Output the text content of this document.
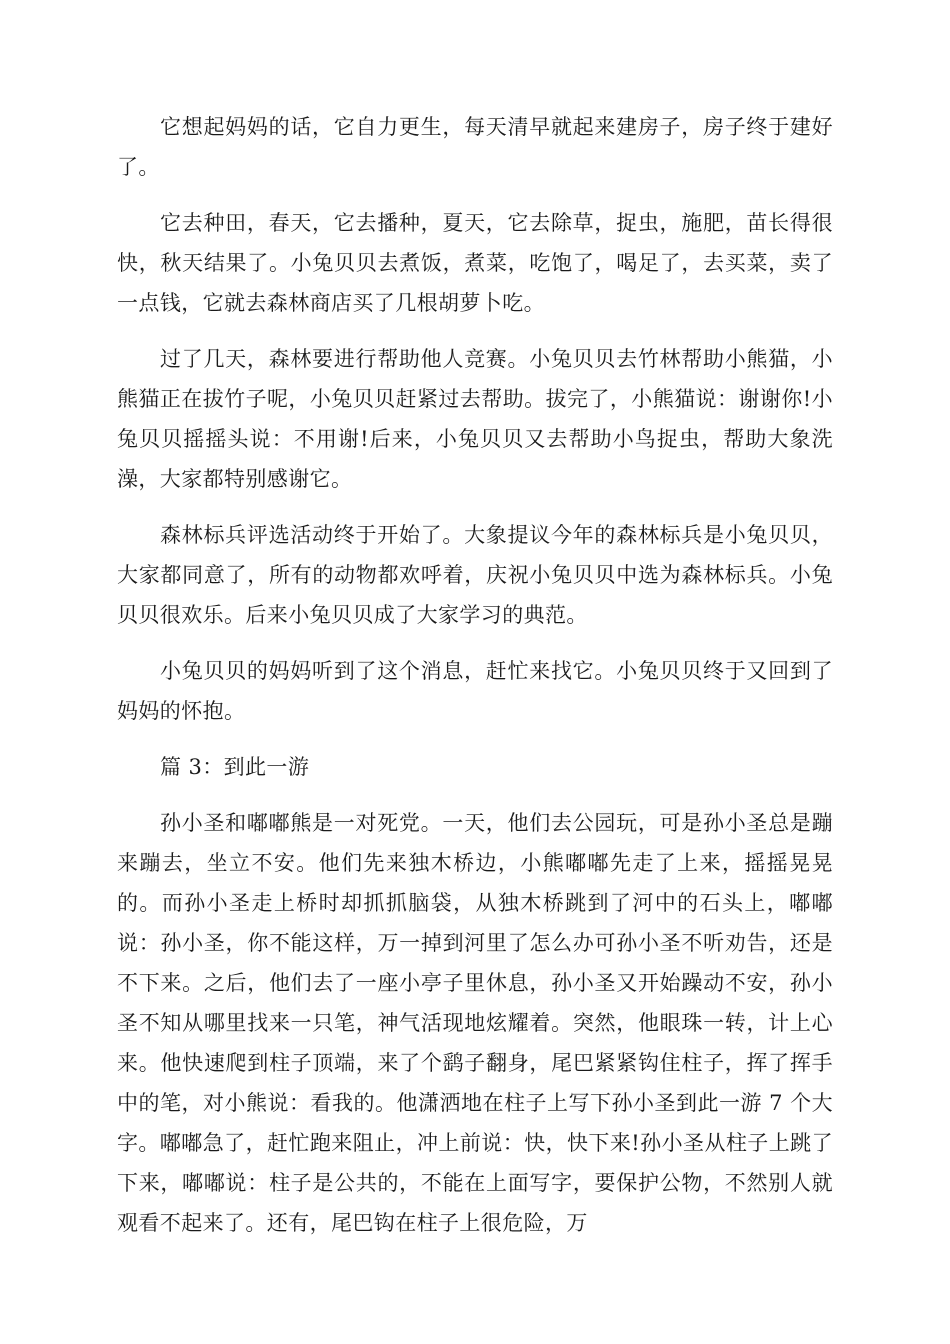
它想起妈妈的话，它自力更生，每天清早就起来建房子，房子终于建好了。

它去种田，春天，它去播种，夏天，它去除草，捉虫，施肥，苗长得很快，秋天结果了。小兔贝贝去煮饭，煮菜，吃饱了，喝足了，去买菜，卖了一点钱，它就去森林商店买了几根胡萝卜吃。

过了几天，森林要进行帮助他人竞赛。小兔贝贝去竹林帮助小熊猫，小熊猫正在拔竹子呢，小兔贝贝赶紧过去帮助。拔完了，小熊猫说：谢谢你!小兔贝贝摇摇头说：不用谢!后来，小兔贝贝又去帮助小鸟捉虫，帮助大象洗澡，大家都特别感谢它。

森林标兵评选活动终于开始了。大象提议今年的森林标兵是小兔贝贝，大家都同意了，所有的动物都欢呼着，庆祝小兔贝贝中选为森林标兵。小兔贝贝很欢乐。后来小兔贝贝成了大家学习的典范。

小兔贝贝的妈妈听到了这个消息，赶忙来找它。小兔贝贝终于又回到了妈妈的怀抱。

篇 3：到此一游

孙小圣和嘟嘟熊是一对死党。一天，他们去公园玩，可是孙小圣总是蹦来蹦去，坐立不安。他们先来独木桥边，小熊嘟嘟先走了上来，摇摇晃晃的。而孙小圣走上桥时却抓抓脑袋，从独木桥跳到了河中的石头上，嘟嘟说：孙小圣，你不能这样，万一掉到河里了怎么办可孙小圣不听劝告，还是不下来。之后，他们去了一座小亭子里休息，孙小圣又开始躁动不安，孙小圣不知从哪里找来一只笔，神气活现地炫耀着。突然，他眼珠一转，计上心来。他快速爬到柱子顶端，来了个鹞子翻身，尾巴紧紧钩住柱子，挥了挥手中的笔，对小熊说：看我的。他潇洒地在柱子上写下孙小圣到此一游 7 个大字。嘟嘟急了，赶忙跑来阻止，冲上前说：快，快下来!孙小圣从柱子上跳了下来，嘟嘟说：柱子是公共的，不能在上面写字，要保护公物，不然别人就观看不起来了。还有，尾巴钩在柱子上很危险，万
